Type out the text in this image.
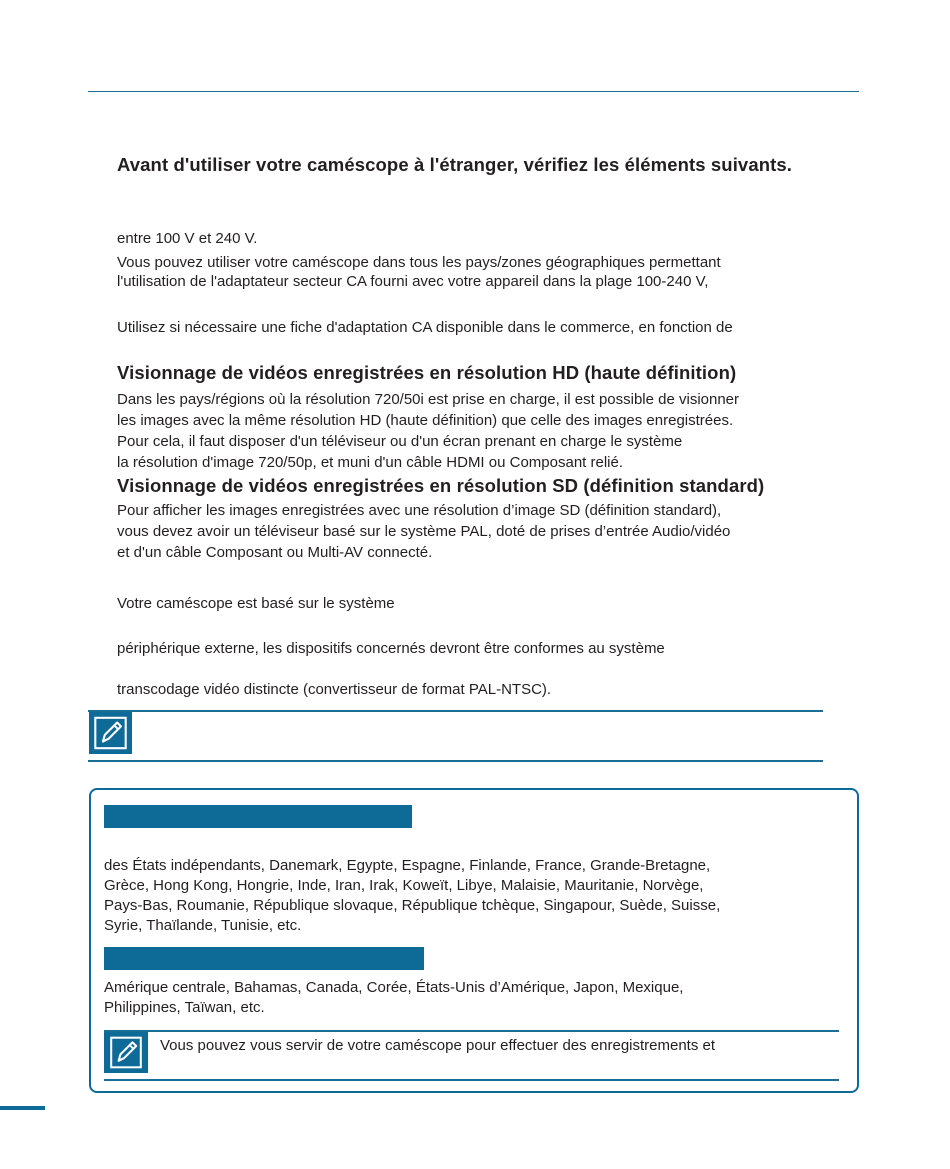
Avant d'utiliser votre caméscope à l'étranger, vérifiez les éléments suivants.
entre 100 V et 240 V.
Vous pouvez utiliser votre caméscope dans tous les pays/zones géographiques permettant
l'utilisation de l'adaptateur secteur CA fourni avec votre appareil dans la plage 100-240 V,
Utilisez si nécessaire une fiche d'adaptation CA disponible dans le commerce, en fonction de
Visionnage de vidéos enregistrées en résolution HD (haute définition)
Dans les pays/régions où la résolution 720/50i est prise en charge, il est possible de visionner
les images avec la même résolution HD (haute définition) que celle des images enregistrées.
Pour cela, il faut disposer d'un téléviseur ou d'un écran prenant en charge le système
la résolution d'image 720/50p, et muni d'un câble HDMI ou Composant relié.
Visionnage de vidéos enregistrées en résolution SD (définition standard)
Pour afficher les images enregistrées avec une résolution d’image SD (définition standard),
vous devez avoir un téléviseur basé sur le système PAL, doté de prises d’entrée Audio/vidéo
et d'un câble Composant ou Multi-AV connecté.
Votre caméscope est basé sur le système
périphérique externe, les dispositifs concernés devront être conformes au système
transcodage vidéo distincte (convertisseur de format PAL-NTSC).
des États indépendants, Danemark, Egypte, Espagne, Finlande, France, Grande-Bretagne,
Grèce, Hong Kong, Hongrie, Inde, Iran, Irak, Koweït, Libye, Malaisie, Mauritanie, Norvège,
Pays-Bas, Roumanie, République slovaque, République tchèque, Singapour, Suède, Suisse,
Syrie, Thaïlande, Tunisie, etc.
Amérique centrale, Bahamas, Canada, Corée, États-Unis d’Amérique, Japon, Mexique,
Philippines, Taïwan, etc.
Vous pouvez vous servir de votre caméscope pour effectuer des enregistrements et
